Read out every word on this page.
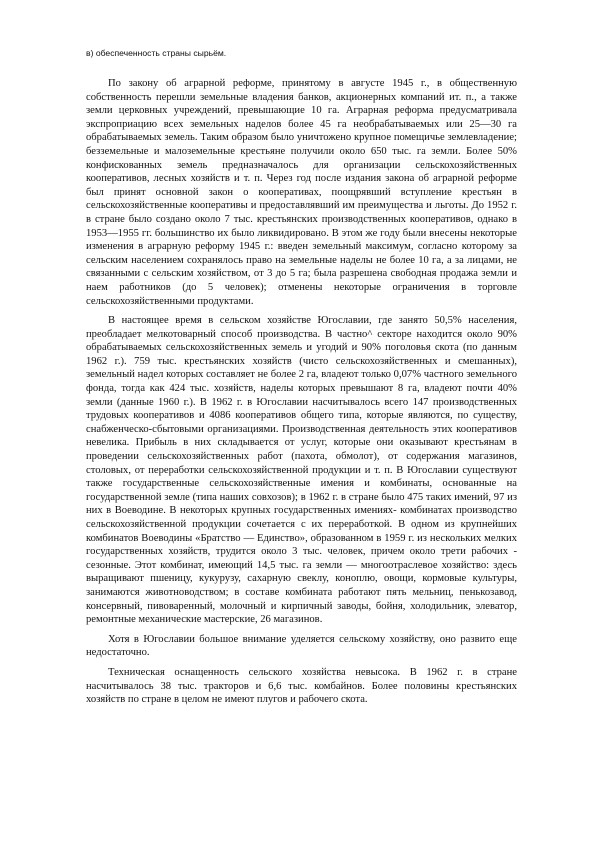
в) обеспеченность страны сырьём.

По закону об аграрной реформе, принятому в августе 1945 г., в общественную собственность перешли земельные владения банков, акционерных компаний ит. п., а также земли церковных учреждений, превышающие 10 га. Аграрная реформа предусматривала экспроприацию всех земельных наделов более 45 га необрабатываемых или 25—30 га обрабатываемых земель. Таким образом было уничтожено крупное помещичье землевладение; безземельные и малоземельные крестьяне получили около 650 тыс. га земли. Более 50% конфискованных земель предназначалось для организации сельскохозяйственных кооперативов, лесных хозяйств и т. п. Через год после издания закона об аграрной реформе был принят основной закон о кооперативах, поощрявший вступление крестьян в сельскохозяйственные кооперативы и предоставлявший им преимущества и льготы. До 1952 г. в стране было создано около 7 тыс. крестьянских производственных кооперативов, однако в 1953—1955 гг. большинство их было ликвидировано. В этом же году были внесены некоторые изменения в аграрную реформу 1945 г.: введен земельный максимум, согласно которому за сельским населением сохранялось право на земельные наделы не более 10 га, а за лицами, не связанными с сельским хозяйством, от 3 до 5 га; была разрешена свободная продажа земли и наем работников (до 5 человек); отменены некоторые ограничения в торговле сельскохозяйственными продуктами.

В настоящее время в сельском хозяйстве Югославии, где занято 50,5% населения, преобладает мелкотоварный способ производства. В частно^ секторе находится около 90% обрабатываемых сельскохозяйственных земель и угодий и 90% поголовья скота (по данным 1962 г.). 759 тыс. крестьянских хозяйств (чисто сельскохозяйственных и смешанных), земельный надел которых составляет не более 2 га, владеют только 0,07% частного земельного фонда, тогда как 424 тыс. хозяйств, наделы которых превышают 8 га, владеют почти 40% земли (данные 1960 г.). В 1962 г. в Югославии насчитывалось всего 147 производственных трудовых кооперативов и 4086 кооперативов общего типа, которые являются, по существу, снабженческо-сбытовыми организациями. Производственная деятельность этих кооперативов невелика. Прибыль в них складывается от услуг, которые они оказывают крестьянам в проведении сельскохозяйственных работ (пахота, обмолот), от содержания магазинов, столовых, от переработки сельскохозяйственной продукции и т. п. В Югославии существуют также государственные сельскохозяйственные имения и комбинаты, основанные на государственной земле (типа наших совхозов); в 1962 г. в стране было 475 таких имений, 97 из них в Воеводине. В некоторых крупных государственных имениях- комбинатах производство сельскохозяйственной продукции сочетается с их переработкой. В одном из крупнейших комбинатов Воеводины «Братство — Единство», образованном в 1959 г. из нескольких мелких государственных хозяйств, трудится около 3 тыс. человек, причем около трети рабочих - сезонные. Этот комбинат, имеющий 14,5 тыс. га земли — многоотраслевое хозяйство: здесь выращивают пшеницу, кукурузу, сахарную свеклу, коноплю, овощи, кормовые культуры, занимаются животноводством; в составе комбината работают пять мельниц, пенькозавод, консервный, пивоваренный, молочный и кирпичный заводы, бойня, холодильник, элеватор, ремонтные механические мастерские, 26 магазинов.

Хотя в Югославии большое внимание уделяется сельскому хозяйству, оно развито еще недостаточно.

Техническая оснащенность сельского хозяйства невысока. В 1962 г. в стране насчитывалось 38 тыс. тракторов и 6,6 тыс. комбайнов. Более половины крестьянских хозяйств по стране в целом не имеют плугов и рабочего скота.
